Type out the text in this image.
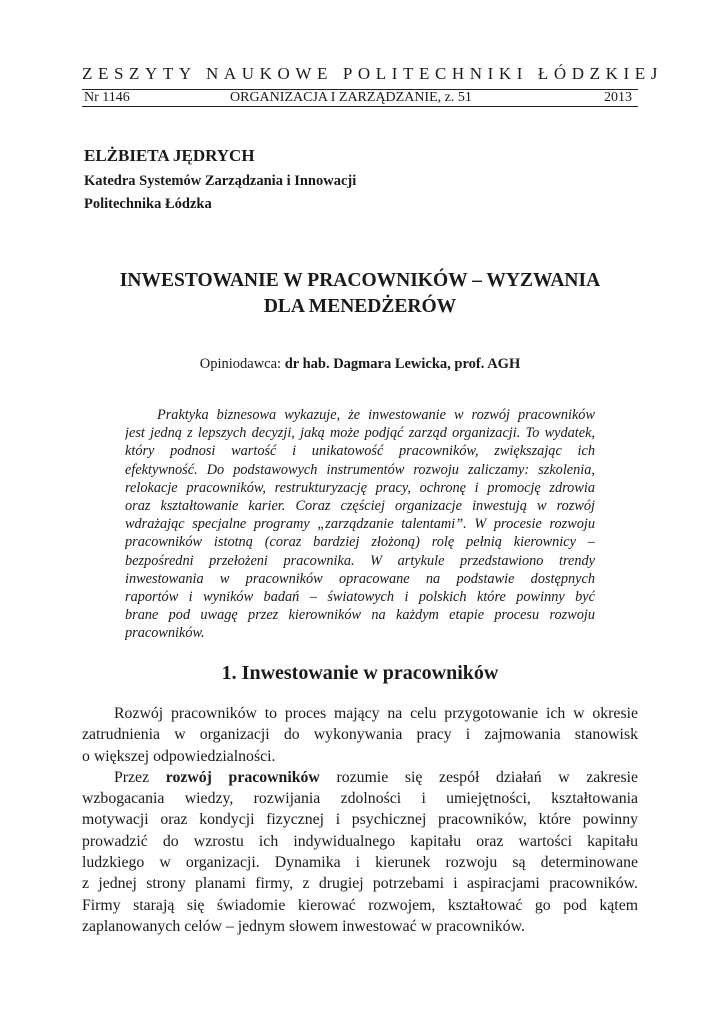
ZESZYTY NAUKOWE POLITECHNIKI ŁÓDZKIEJ
Nr 1146	ORGANIZACJA I ZARZĄDZANIE, z. 51	2013
ELŻBIETA JĘDRYCH
Katedra Systemów Zarządzania i Innowacji
Politechnika Łódzka
INWESTOWANIE W PRACOWNIKÓW – WYZWANIA
DLA MENEDŻERÓW
Opiniodawca: dr hab. Dagmara Lewicka, prof. AGH
Praktyka biznesowa wykazuje, że inwestowanie w rozwój pracowników
jest jedną z lepszych decyzji, jaką może podjąć zarząd organizacji. To wydatek,
który podnosi wartość i unikatowość pracowników, zwiększając ich
efektywność. Do podstawowych instrumentów rozwoju zaliczamy: szkolenia,
relokacje pracowników, restrukturyzację pracy, ochronę i promocję zdrowia
oraz kształtowanie karier. Coraz częściej organizacje inwestują w rozwój
wdrażając specjalne programy „zarządzanie talentami”. W procesie rozwoju
pracowników istotną (coraz bardziej złożoną) rolę pełnią kierownicy –
bezpośredni przełożeni pracownika. W artykule przedstawiono trendy
inwestowania w pracowników opracowane na podstawie dostępnych
raportów i wyników badań – światowych i polskich które powinny być
brane pod uwagę przez kierowników na każdym etapie procesu rozwoju
pracowników.
1. Inwestowanie w pracowników
Rozwój pracowników to proces mający na celu przygotowanie ich w okresie
zatrudnienia w organizacji do wykonywania pracy i zajmowania stanowisk
o większej odpowiedzialności.
Przez rozwój pracowników rozumie się zespół działań w zakresie
wzbogacania wiedzy, rozwijania zdolności i umiejętności, kształtowania
motywacji oraz kondycji fizycznej i psychicznej pracowników, które powinny
prowadzić do wzrostu ich indywidualnego kapitału oraz wartości kapitału
ludzkiego w organizacji. Dynamika i kierunek rozwoju są determinowane
z jednej strony planami firmy, z drugiej potrzebami i aspiracjami pracowników.
Firmy starają się świadomie kierować rozwojem, kształtować go pod kątem
zaplanowanych celów – jednym słowem inwestować w pracowników.
